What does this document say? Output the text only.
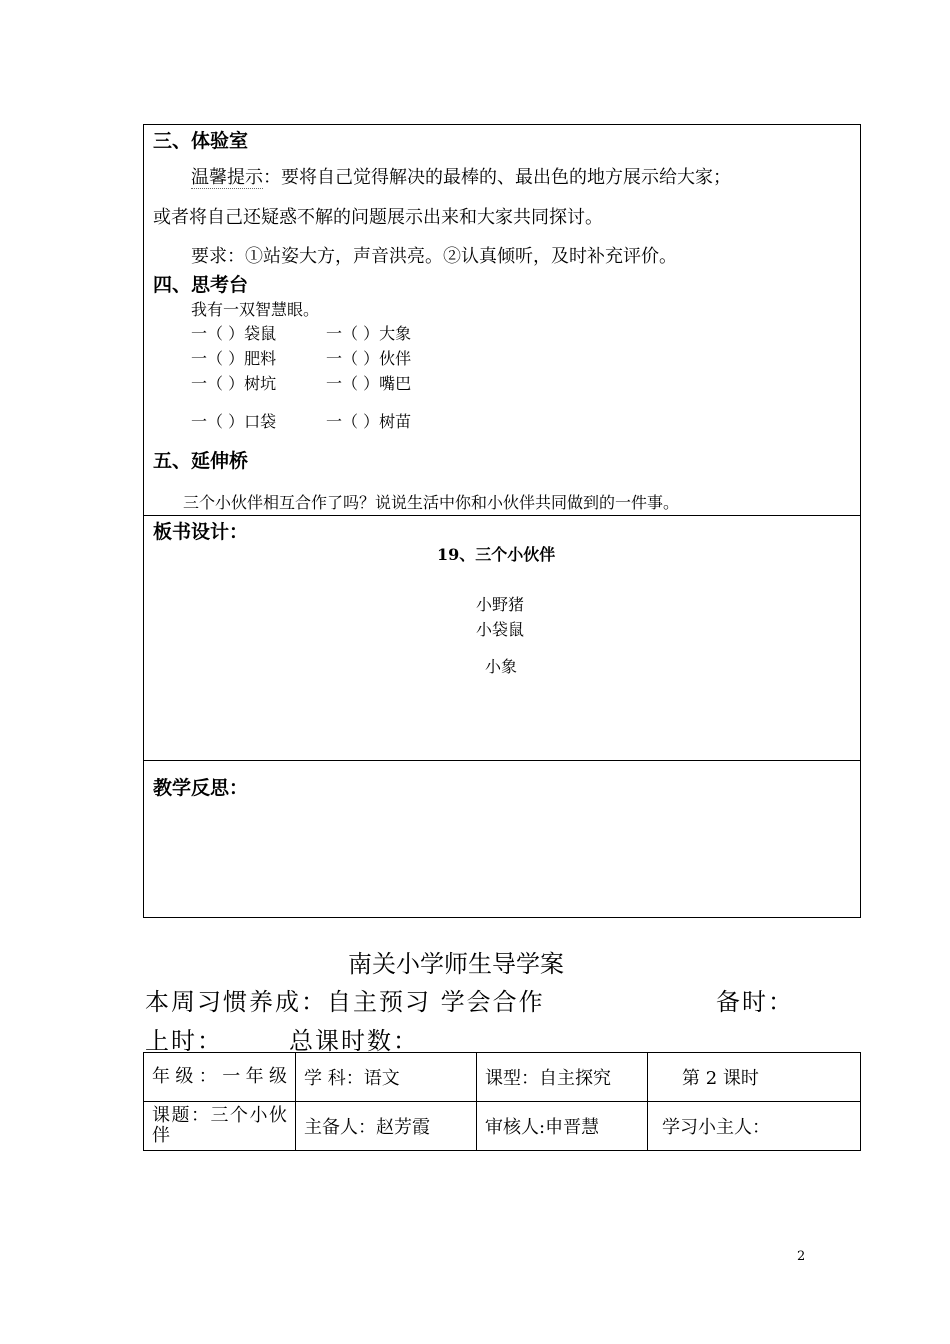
三、体验室
温馨提示：要将自己觉得解决的最棒的、最出色的地方展示给大家；
或者将自己还疑惑不解的问题展示出来和大家共同探讨。
要求：①站姿大方，声音洪亮。②认真倾听，及时补充评价。
四、思考台
我有一双智慧眼。
一（ ）袋鼠	一（ ）大象
一（ ）肥料	一（ ）伙伴
一（ ）树坑	一（ ）嘴巴
一（ ）口袋	一（ ）树苗
五、延伸桥
三个小伙伴相互合作了吗？说说生活中你和小伙伴共同做到的一件事。
板书设计：
19、三个小伙伴
小野猪
小袋鼠
小象
教学反思：
南关小学师生导学案
本周习惯养成：自主预习 学会合作	备时：
上时：	总课时数：
年级：一年级	学 科：语文	课型：自主探究	第 2 课时

课题：三个小伙伴	主备人：赵芳霞	审核人:申晋慧	学习小主人：
2
